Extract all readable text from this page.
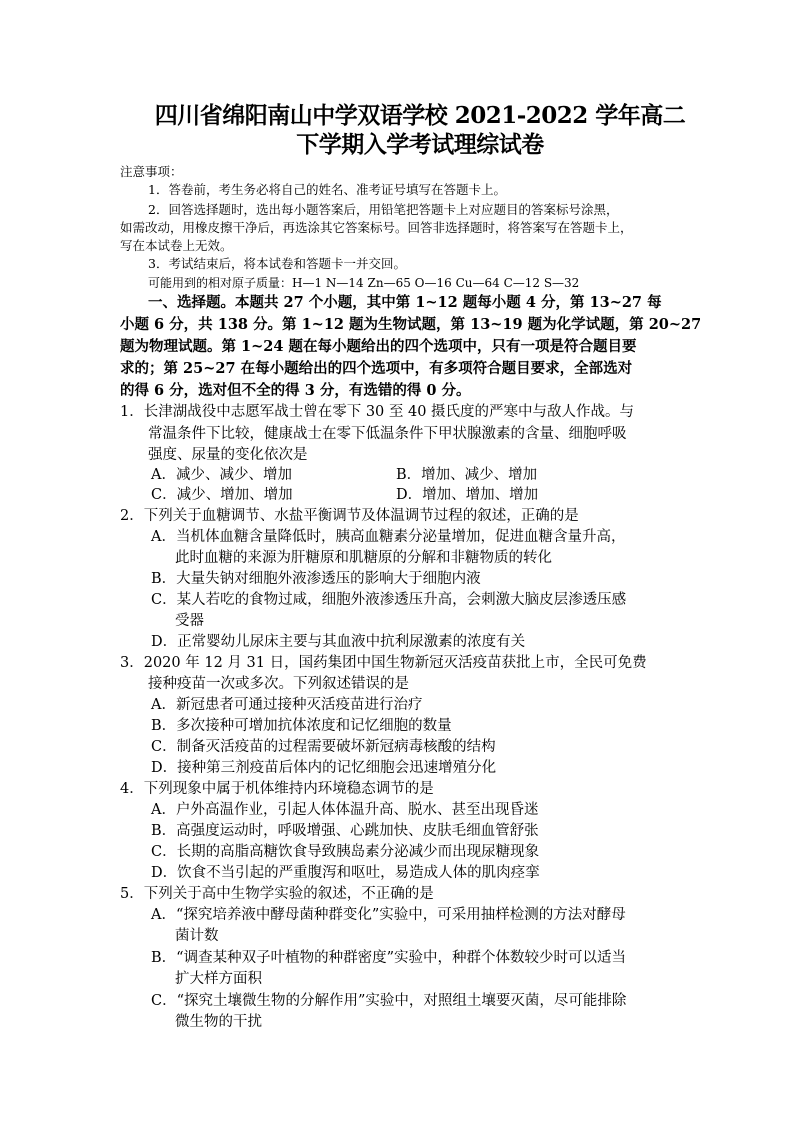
四川省绵阳南山中学双语学校 2021-2022 学年高二
下学期入学考试理综试卷
注意事项：
1．答卷前，考生务必将自己的姓名、准考证号填写在答题卡上。
2．回答选择题时，选出每小题答案后，用铅笔把答题卡上对应题目的答案标号涂黑，
如需改动，用橡皮擦干净后，再选涂其它答案标号。回答非选择题时，将答案写在答题卡上，
写在本试卷上无效。
3．考试结束后，将本试卷和答题卡一并交回。
可能用到的相对原子质量：H—1 N—14 Zn—65 O—16 Cu—64 C—12 S—32
一、选择题。本题共 27 个小题，其中第 1~12 题每小题 4 分，第 13~27 每
小题 6 分，共 138 分。第 1~12 题为生物试题，第 13~19 题为化学试题，第 20~27
题为物理试题。第 1~24 题在每小题给出的四个选项中，只有一项是符合题目要
求的；第 25~27 在每小题给出的四个选项中，有多项符合题目要求，全部选对
的得 6 分，选对但不全的得 3 分，有选错的得 0 分。
1．长津湖战役中志愿军战士曾在零下 30 至 40 摄氏度的严寒中与敌人作战。与
常温条件下比较，健康战士在零下低温条件下甲状腺激素的含量、细胞呼吸
强度、尿量的变化依次是
A．减少、减少、增加	B．增加、减少、增加
C．减少、增加、增加	D．增加、增加、增加
2．下列关于血糖调节、水盐平衡调节及体温调节过程的叙述，正确的是
A．当机体血糖含量降低时，胰高血糖素分泌量增加，促进血糖含量升高，
此时血糖的来源为肝糖原和肌糖原的分解和非糖物质的转化
B．大量失钠对细胞外液渗透压的影响大于细胞内液
C．某人若吃的食物过咸，细胞外液渗透压升高，会刺激大脑皮层渗透压感
受器
D．正常婴幼儿尿床主要与其血液中抗利尿激素的浓度有关
3．2020 年 12 月 31 日，国药集团中国生物新冠灭活疫苗获批上市，全民可免费
接种疫苗一次或多次。下列叙述错误的是
A．新冠患者可通过接种灭活疫苗进行治疗
B．多次接种可增加抗体浓度和记忆细胞的数量
C．制备灭活疫苗的过程需要破坏新冠病毒核酸的结构
D．接种第三剂疫苗后体内的记忆细胞会迅速增殖分化
4．下列现象中属于机体维持内环境稳态调节的是
A．户外高温作业，引起人体体温升高、脱水、甚至出现昏迷
B．高强度运动时，呼吸增强、心跳加快、皮肤毛细血管舒张
C．长期的高脂高糖饮食导致胰岛素分泌减少而出现尿糖现象
D．饮食不当引起的严重腹泻和呕吐，易造成人体的肌肉痉挛
5．下列关于高中生物学实验的叙述，不正确的是
A．“探究培养液中酵母菌种群变化”实验中，可采用抽样检测的方法对酵母
菌计数
B．“调查某种双子叶植物的种群密度”实验中，种群个体数较少时可以适当
扩大样方面积
C．“探究土壤微生物的分解作用”实验中，对照组土壤要灭菌，尽可能排除
微生物的干扰
